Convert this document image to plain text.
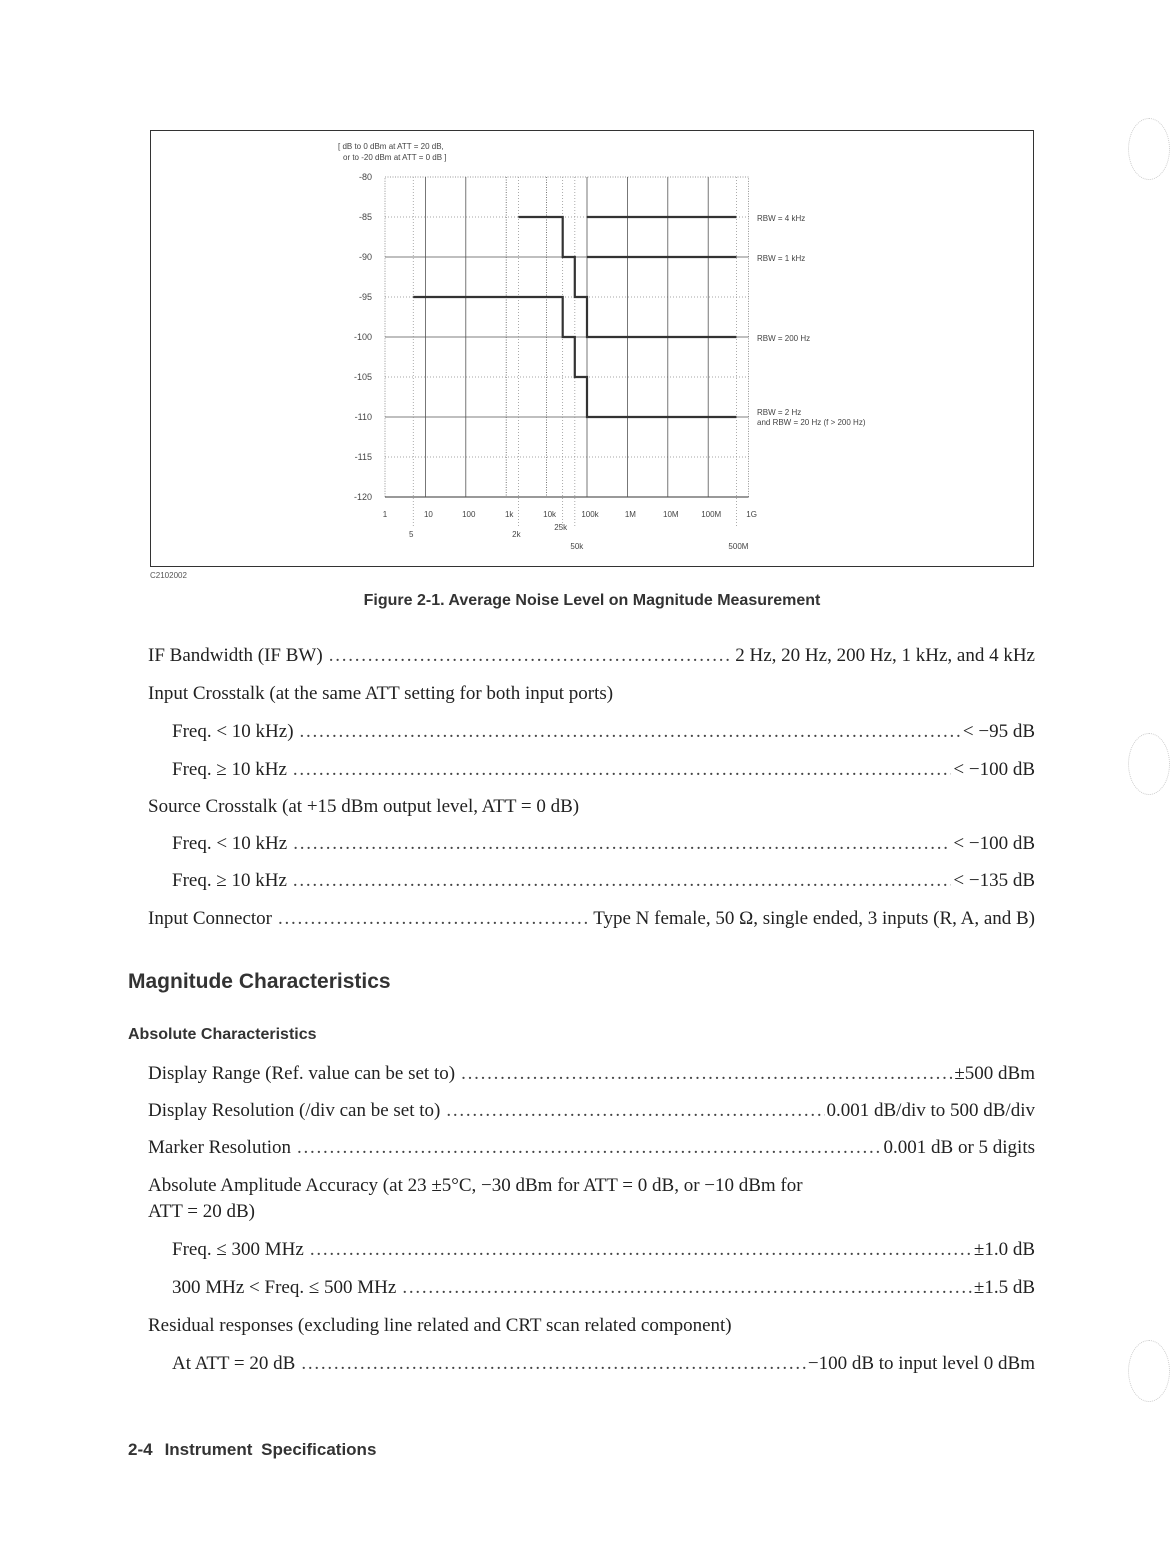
[ dB to 0 dBm at ATT = 20 dB,
or to -20 dBm at ATT = 0 dB ]
-80
-85
-90
-95
-100
-105
-110
-115
-120
1	10	100	1k	10k	100k	1M	10M	100M	1G
5	2k
25k
50k	500M
RBW = 4 kHz
RBW = 1 kHz
RBW = 200 Hz
RBW = 2 Hz
and RBW = 20 Hz (f > 200 Hz)
C2102002
Figure 2-1. Average Noise Level on Magnitude Measurement
IF Bandwidth (IF BW) . . .	2 Hz, 20 Hz, 200 Hz, 1 kHz, and 4 kHz
Input Crosstalk (at the same ATT setting for both input ports)
Freq. < 10 kHz) . . .	< −95 dB
Freq. ≥ 10 kHz . . .	< −100 dB
Source Crosstalk (at +15 dBm output level, ATT = 0 dB)
Freq. < 10 kHz . . .	< −100 dB
Freq. ≥ 10 kHz . . .	< −135 dB
Input Connector . . .	Type N female, 50 Ω, single ended, 3 inputs (R, A, and B)
Magnitude Characteristics
Absolute Characteristics
Display Range (Ref. value can be set to) . . .	±500 dBm
Display Resolution (/div can be set to) . . .	0.001 dB/div to 500 dB/div
Marker Resolution . . .	0.001 dB or 5 digits
Absolute Amplitude Accuracy (at 23 ±5°C, −30 dBm for ATT = 0 dB, or −10 dBm for
ATT = 20 dB)
Freq. ≤ 300 MHz . . .	±1.0 dB
300 MHz < Freq. ≤ 500 MHz . . .	±1.5 dB
Residual responses (excluding line related and CRT scan related component)
At ATT = 20 dB . . .	−100 dB to input level 0 dBm
2-4 Instrument Specifications
